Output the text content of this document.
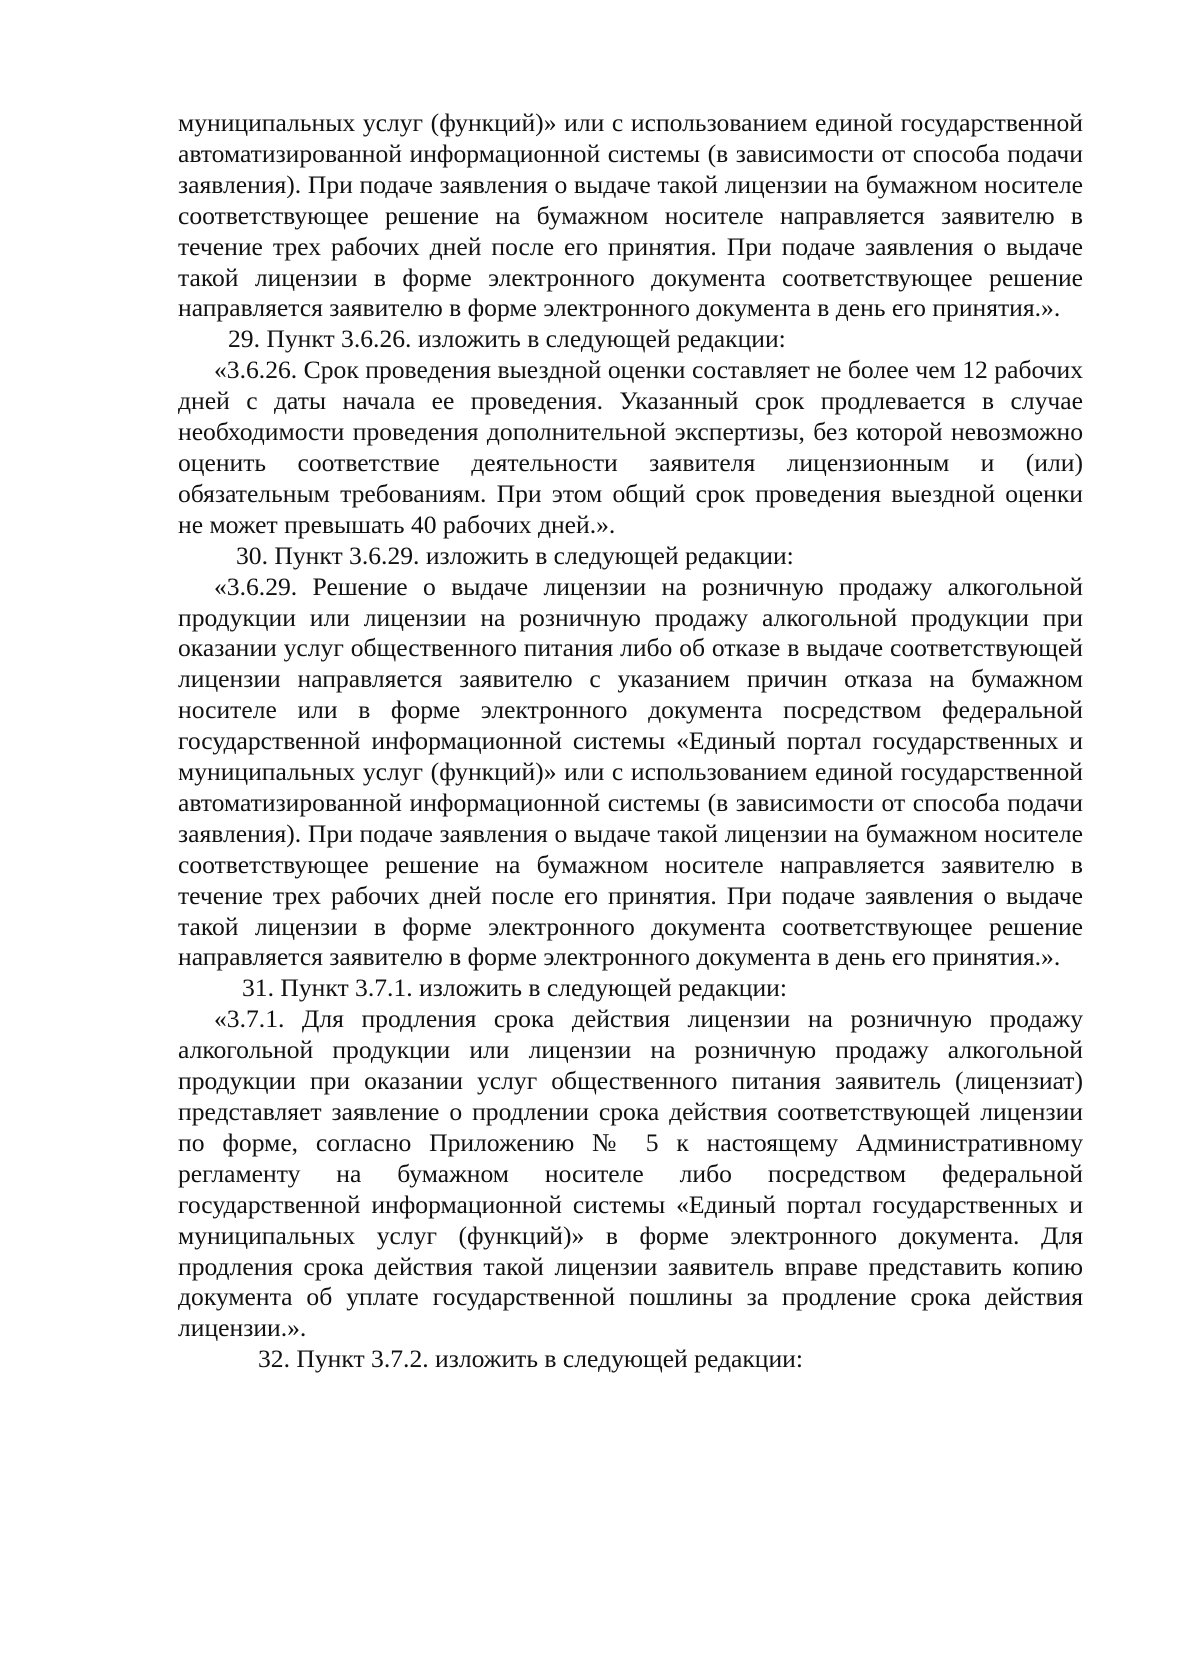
муниципальных услуг (функций)» или с использованием единой государственной автоматизированной информационной системы (в зависимости от способа подачи заявления). При подаче заявления о выдаче такой лицензии на бумажном носителе соответствующее решение на бумажном носителе направляется заявителю в течение трех рабочих дней после его принятия. При подаче заявления о выдаче такой лицензии в форме электронного документа соответствующее решение направляется заявителю в форме электронного документа в день его принятия.».

29. Пункт 3.6.26. изложить в следующей редакции:

«3.6.26. Срок проведения выездной оценки составляет не более чем 12 рабочих дней с даты начала ее проведения. Указанный срок продлевается в случае необходимости проведения дополнительной экспертизы, без которой невозможно оценить соответствие деятельности заявителя лицензионным и (или) обязательным требованиям. При этом общий срок проведения выездной оценки не может превышать 40 рабочих дней.».

30. Пункт 3.6.29. изложить в следующей редакции:

«3.6.29. Решение о выдаче лицензии на розничную продажу алкогольной продукции или лицензии на розничную продажу алкогольной продукции при оказании услуг общественного питания либо об отказе в выдаче соответствующей лицензии направляется заявителю с указанием причин отказа на бумажном носителе или в форме электронного документа посредством федеральной государственной информационной системы «Единый портал государственных и муниципальных услуг (функций)» или с использованием единой государственной автоматизированной информационной системы (в зависимости от способа подачи заявления). При подаче заявления о выдаче такой лицензии на бумажном носителе соответствующее решение на бумажном носителе направляется заявителю в течение трех рабочих дней после его принятия. При подаче заявления о выдаче такой лицензии в форме электронного документа соответствующее решение направляется заявителю в форме электронного документа в день его принятия.».

31. Пункт 3.7.1. изложить в следующей редакции:

«3.7.1. Для продления срока действия лицензии на розничную продажу алкогольной продукции или лицензии на розничную продажу алкогольной продукции при оказании услуг общественного питания заявитель (лицензиат) представляет заявление о продлении срока действия соответствующей лицензии по форме, согласно Приложению № 5 к настоящему Административному регламенту на бумажном носителе либо посредством федеральной государственной информационной системы «Единый портал государственных и муниципальных услуг (функций)» в форме электронного документа. Для продления срока действия такой лицензии заявитель вправе представить копию документа об уплате государственной пошлины за продление срока действия лицензии.».

32. Пункт 3.7.2. изложить в следующей редакции:
